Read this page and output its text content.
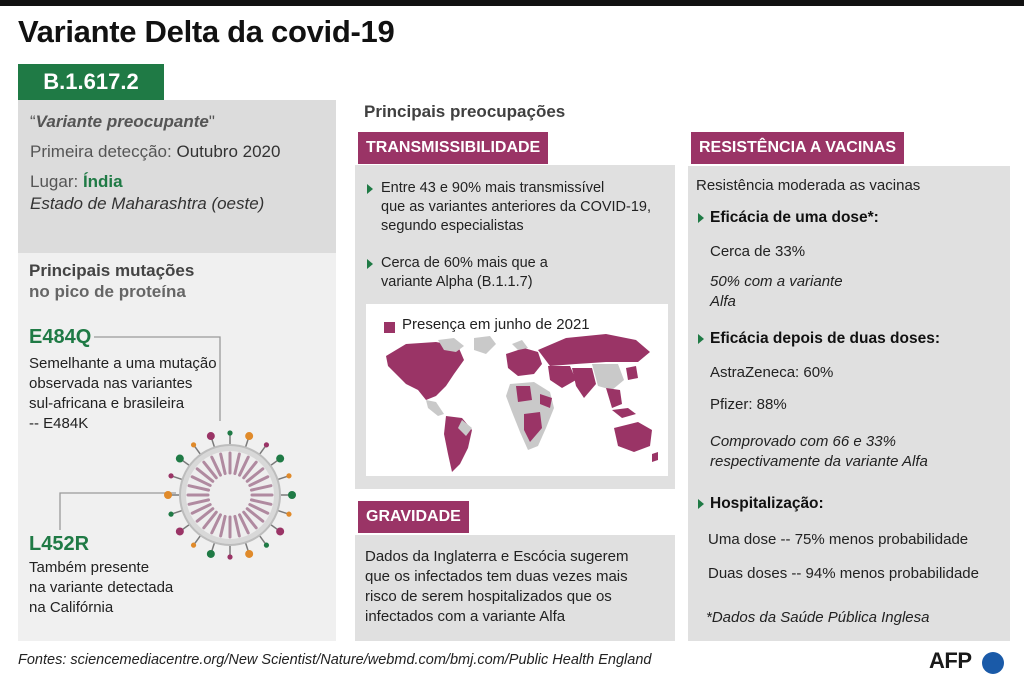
Variante Delta da covid-19
B.1.617.2
“Variante preocupante"
Primeira detecção: Outubro 2020
Lugar: Índia
Estado de Maharashtra (oeste)
Principais mutações
no pico de proteína
E484Q
Semelhante a uma mutação
observada nas variantes
sul-africana e brasileira
-- E484K
L452R
Também presente
na variante detectada
na Califórnia
Principais preocupações
TRANSMISSIBILIDADE
Entre 43 e 90% mais transmissível
que as variantes anteriores da COVID-19,
segundo especialistas
Cerca de 60% mais que a
variante Alpha (B.1.1.7)
Presença em junho de 2021
GRAVIDADE
Dados da Inglaterra e Escócia sugerem
que os infectados tem duas vezes mais
risco de serem hospitalizados que os
infectados com a variante Alfa
RESISTÊNCIA A VACINAS
Resistência moderada as vacinas
Eficácia de uma dose*:
Cerca de 33%
50% com a variante
Alfa
Eficácia depois de duas doses:
AstraZeneca: 60%
Pfizer: 88%
Comprovado com 66 e 33%
respectivamente da variante Alfa
Hospitalização:
Uma dose -- 75% menos probabilidade
Duas doses -- 94% menos probabilidade
*Dados da Saúde Pública Inglesa
Fontes: sciencemediacentre.org/New Scientist/Nature/webmd.com/bmj.com/Public Health England	AFP
